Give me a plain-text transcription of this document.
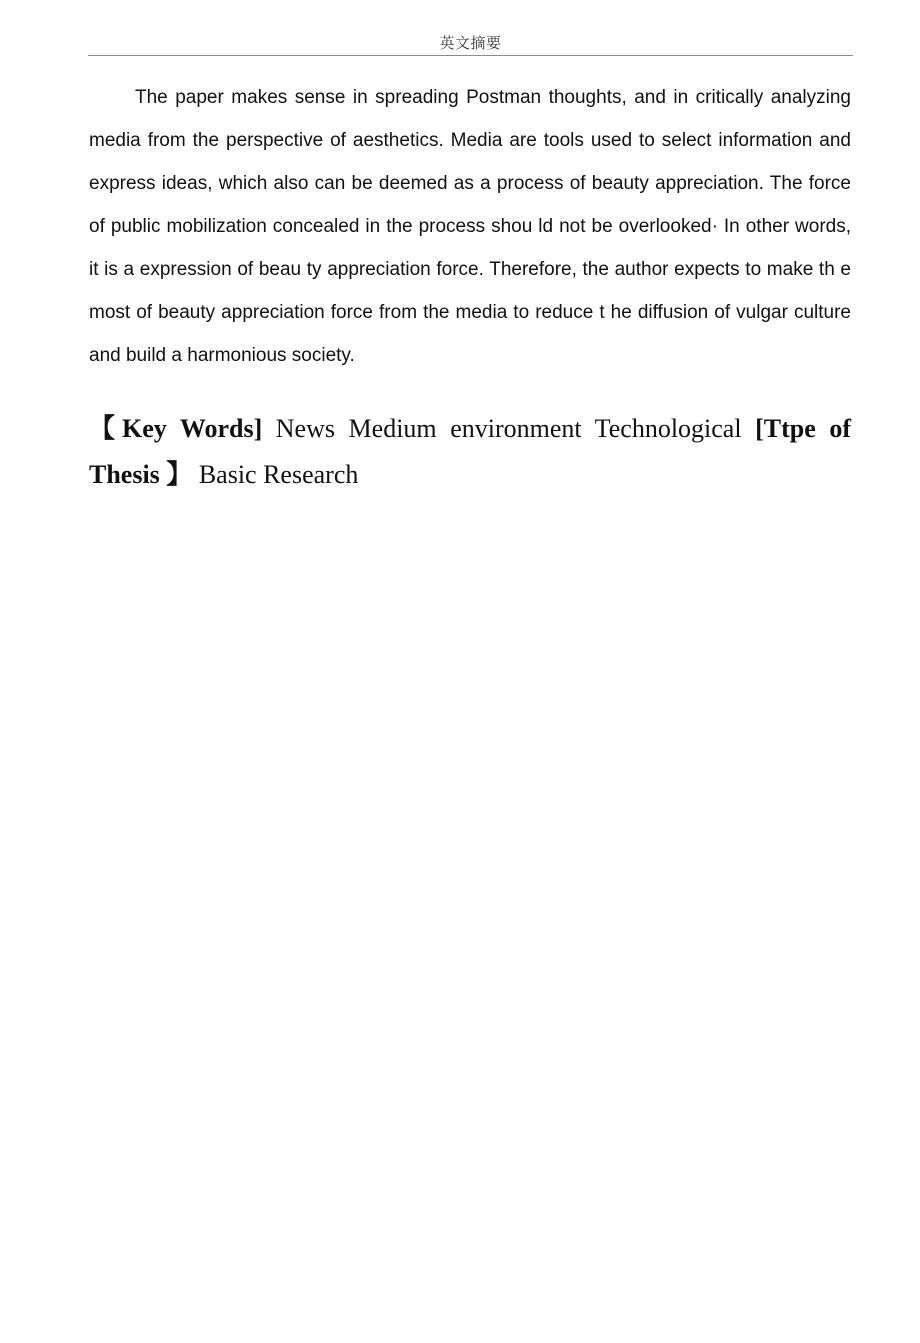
英文摘要

The paper makes sense in spreading Postman thoughts, and in critically analyzing media from the perspective of aesthetics. Media are tools used to select information and express ideas, which also can be deemed as a process of beauty appreciation. The force of public mobilization concealed in the process shou ld not be overlooked· In other words, it is a expression of beau ty appreciation force. Therefore, the author expects to make th e most of beauty appreciation force from the media to reduce t he diffusion of vulgar culture and build a harmonious society.

【Key Words] News Medium environment Technological [Ttpe of Thesis 】 Basic Research
